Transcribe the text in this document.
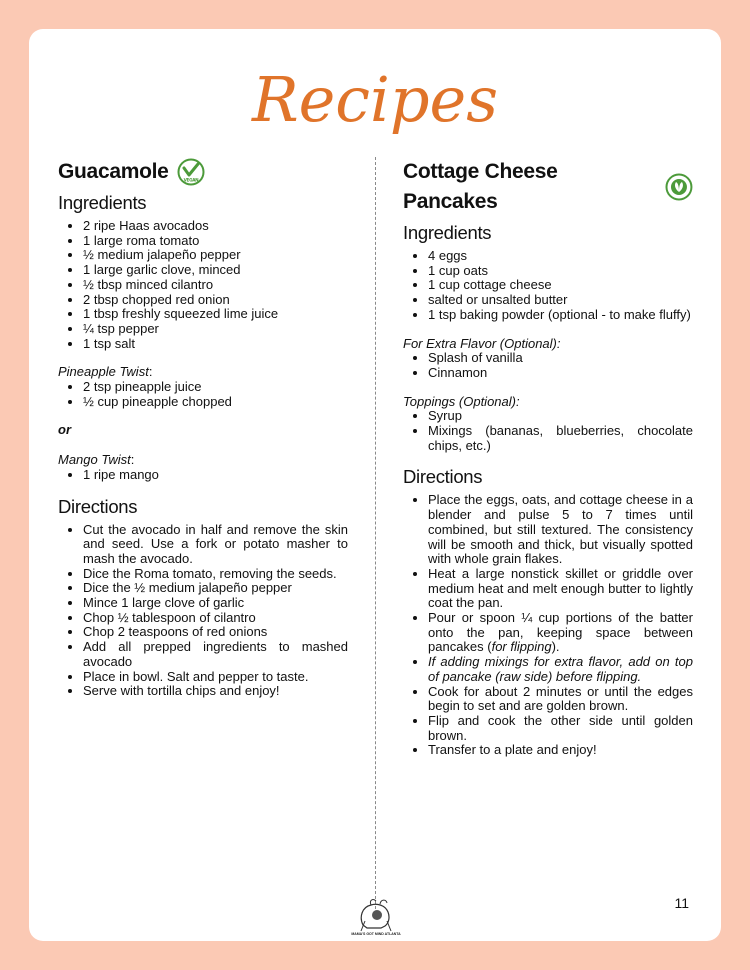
Recipes
Guacamole	VEGAN
Ingredients
• 2 ripe Haas avocados
• 1 large roma tomato
• ½ medium jalapeño pepper
• 1 large garlic clove, minced
• ½ tbsp minced cilantro
• 2 tbsp chopped red onion
• 1 tbsp freshly squeezed lime juice
• ¼ tsp pepper
• 1 tsp salt
Pineapple Twist:
• 2 tsp pineapple juice
• ½ cup pineapple chopped
or
Mango Twist:
• 1 ripe mango
Directions
• Cut the avocado in half and remove the skin and seed. Use a fork or potato masher to mash the avocado.
• Dice the Roma tomato, removing the seeds.
• Dice the ½ medium jalapeño pepper
• Mince 1 large clove of garlic
• Chop ½ tablespoon of cilantro
• Chop 2 teaspoons of red onions
• Add all prepped ingredients to mashed avocado
• Place in bowl. Salt and pepper to taste.
• Serve with tortilla chips and enjoy!
Cottage Cheese Pancakes
Ingredients
• 4 eggs
• 1 cup oats
• 1 cup cottage cheese
• salted or unsalted butter
• 1 tsp baking powder (optional - to make fluffy)
For Extra Flavor (Optional):
• Splash of vanilla
• Cinnamon
Toppings (Optional):
• Syrup
• Mixings (bananas, blueberries, chocolate chips, etc.)
Directions
• Place the eggs, oats, and cottage cheese in a blender and pulse 5 to 7 times until combined, but still textured. The consistency will be smooth and thick, but visually spotted with whole grain flakes.
• Heat a large nonstick skillet or griddle over medium heat and melt enough butter to lightly coat the pan.
• Pour or spoon ¼ cup portions of the batter onto the pan, keeping space between pancakes (for flipping).
• If adding mixings for extra flavor, add on top of pancake (raw side) before flipping.
• Cook for about 2 minutes or until the edges begin to set and are golden brown.
• Flip and cook the other side until golden brown.
• Transfer to a plate and enjoy!
MAMA'S GOT MIND ATLANTA
11
